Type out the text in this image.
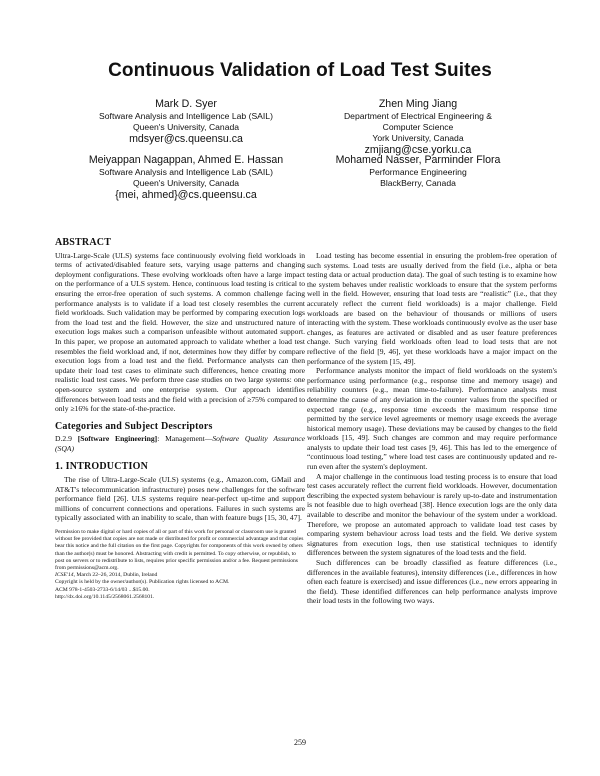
Continuous Validation of Load Test Suites
Mark D. Syer
Software Analysis and Intelligence Lab (SAIL)
Queen's University, Canada
mdsyer@cs.queensu.ca
Zhen Ming Jiang
Department of Electrical Engineering &
Computer Science
York University, Canada
zmjiang@cse.yorku.ca
Meiyappan Nagappan, Ahmed E. Hassan
Software Analysis and Intelligence Lab (SAIL)
Queen's University, Canada
{mei, ahmed}@cs.queensu.ca
Mohamed Nasser, Parminder Flora
Performance Engineering
BlackBerry, Canada
ABSTRACT

Ultra-Large-Scale (ULS) systems face continuously evolving field workloads in terms of activated/disabled feature sets, varying usage patterns and changing deployment configurations. These evolving workloads often have a large impact on the performance of a ULS system. Hence, continuous load testing is critical to ensuring the error-free operation of such systems. A common challenge facing performance analysts is to validate if a load test closely resembles the current field workloads. Such validation may be performed by comparing execution logs from the load test and the field. However, the size and unstructured nature of execution logs makes such a comparison unfeasible without automated support. In this paper, we propose an automated approach to validate whether a load test resembles the field workload and, if not, determines how they differ by compare execution logs from a load test and the field. Performance analysts can then update their load test cases to eliminate such differences, hence creating more realistic load test cases. We perform three case studies on two large systems: one open-source system and one enterprise system. Our approach identifies differences between load tests and the field with a precision of ≥75% compared to only ≥16% for the state-of-the-practice.

Categories and Subject Descriptors

D.2.9 [Software Engineering]: Management—Software Quality Assurance (SQA)

1. INTRODUCTION

The rise of Ultra-Large-Scale (ULS) systems (e.g., Amazon.com, GMail and AT&T's telecommunication infrastructure) poses new challenges for the software performance field [26]. ULS systems require near-perfect up-time and support millions of concurrent connections and operations. Failures in such systems are typically associated with an inability to scale, than with feature bugs [15, 30, 47].

Permission to make digital or hard copies of all or part of this work for personal or classroom use is granted without fee provided that copies are not made or distributed for profit or commercial advantage and that copies bear this notice and the full citation on the first page. Copyrights for components of this work owned by others than the author(s) must be honored. Abstracting with credit is permitted. To copy otherwise, or republish, to post on servers or to redistribute to lists, requires prior specific permission and/or a fee. Request permissions from permissions@acm.org.
ICSE'14, March 22–26, 2014, Dublin, Ireland
Copyright is held by the owner/author(s). Publication rights licensed to ACM.
ACM 978-1-4503-2733-6/14/03 ...$15.00.
http://dx.doi.org/10.1145/2568061.2568101.

Load testing has become essential in ensuring the problem-free operation of such systems. Load tests are usually derived from the field (i.e., alpha or beta testing data or actual production data). The goal of such testing is to examine how the system behaves under realistic workloads to ensure that the system performs well in the field. However, ensuring that load tests are “realistic” (i.e., that they accurately reflect the current field workloads) is a major challenge. Field workloads are based on the behaviour of thousands or millions of users interacting with the system. These workloads continuously evolve as the user base changes, as features are activated or disabled and as user feature preferences change. Such varying field workloads often lead to load tests that are not reflective of the field [9, 46], yet these workloads have a major impact on the performance of the system [15, 49].

Performance analysts monitor the impact of field workloads on the system's performance using performance (e.g., response time and memory usage) and reliability counters (e.g., mean time-to-failure). Performance analysts must determine the cause of any deviation in the counter values from the specified or expected range (e.g., response time exceeds the maximum response time permitted by the service level agreements or memory usage exceeds the average historical memory usage). These deviations may be caused by changes to the field workloads [15, 49]. Such changes are common and may require performance analysts to update their load test cases [9, 46]. This has led to the emergence of “continuous load testing,” where load test cases are continuously updated and re-run even after the system's deployment.

A major challenge in the continuous load testing process is to ensure that load test cases accurately reflect the current field workloads. However, documentation describing the expected system behaviour is rarely up-to-date and instrumentation is not feasible due to high overhead [38]. Hence execution logs are the only data available to describe and monitor the behaviour of the system under a workload. Therefore, we propose an automated approach to validate load test cases by comparing system behaviour across load tests and the field. We derive system signatures from execution logs, then use statistical techniques to identify differences between the system signatures of the load tests and the field.

Such differences can be broadly classified as feature differences (i.e., differences in the available features), intensity differences (i.e., differences in how often each feature is exercised) and issue differences (i.e., new errors appearing in the field). These identified differences can help performance analysts improve their load tests in the following two ways.

259
